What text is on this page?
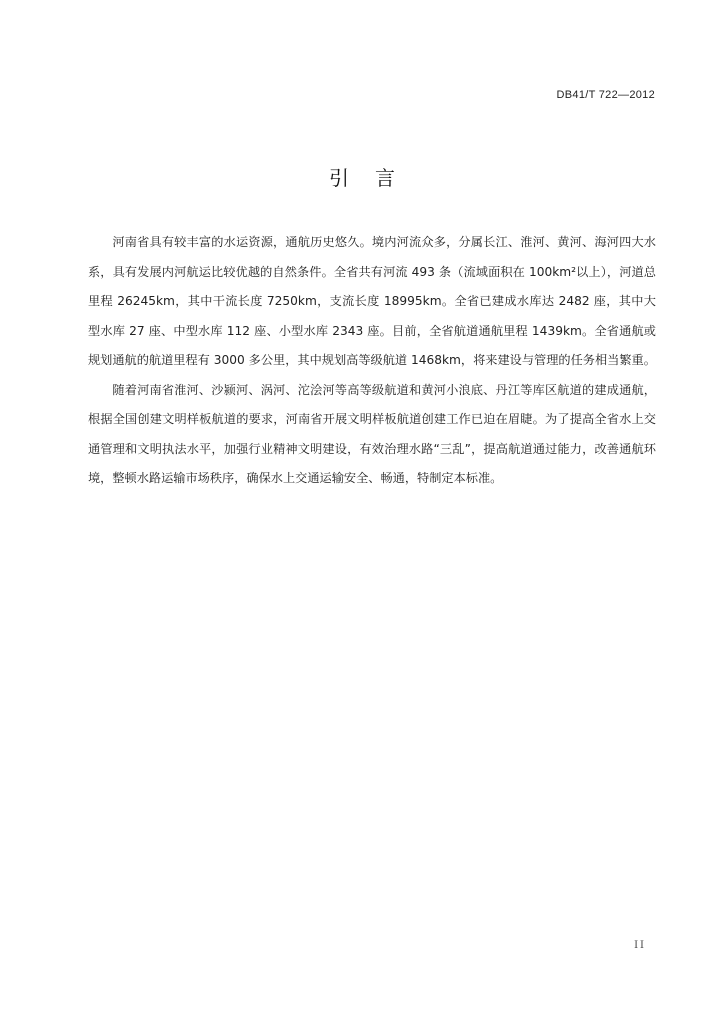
DB41/T 722—2012
引言

河南省具有较丰富的水运资源，通航历史悠久。境内河流众多，分属长江、淮河、黄河、海河四大水系，具有发展内河航运比较优越的自然条件。全省共有河流 493 条（流域面积在 100km²以上），河道总里程 26245km，其中干流长度 7250km，支流长度 18995km。全省已建成水库达 2482 座，其中大型水库 27 座、中型水库 112 座、小型水库 2343 座。目前，全省航道通航里程 1439km。全省通航或规划通航的航道里程有 3000 多公里，其中规划高等级航道 1468km，将来建设与管理的任务相当繁重。

随着河南省淮河、沙颍河、涡河、沱浍河等高等级航道和黄河小浪底、丹江等库区航道的建成通航，根据全国创建文明样板航道的要求，河南省开展文明样板航道创建工作已迫在眉睫。为了提高全省水上交通管理和文明执法水平，加强行业精神文明建设，有效治理水路“三乱”，提高航道通过能力，改善通航环境，整顿水路运输市场秩序，确保水上交通运输安全、畅通，特制定本标准。

II
